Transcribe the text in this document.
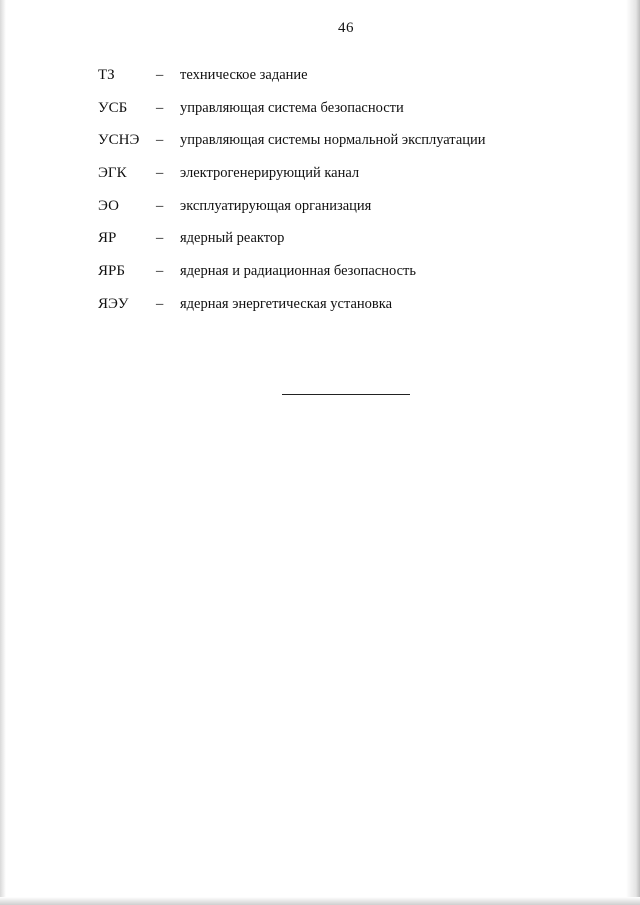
46
ТЗ	–	техническое задание
УСБ	–	управляющая система безопасности
УСНЭ	–	управляющая системы нормальной эксплуатации
ЭГК	–	электрогенерирующий канал
ЭО	–	эксплуатирующая организация
ЯР	–	ядерный реактор
ЯРБ	–	ядерная и радиационная безопасность
ЯЭУ	–	ядерная энергетическая установка
